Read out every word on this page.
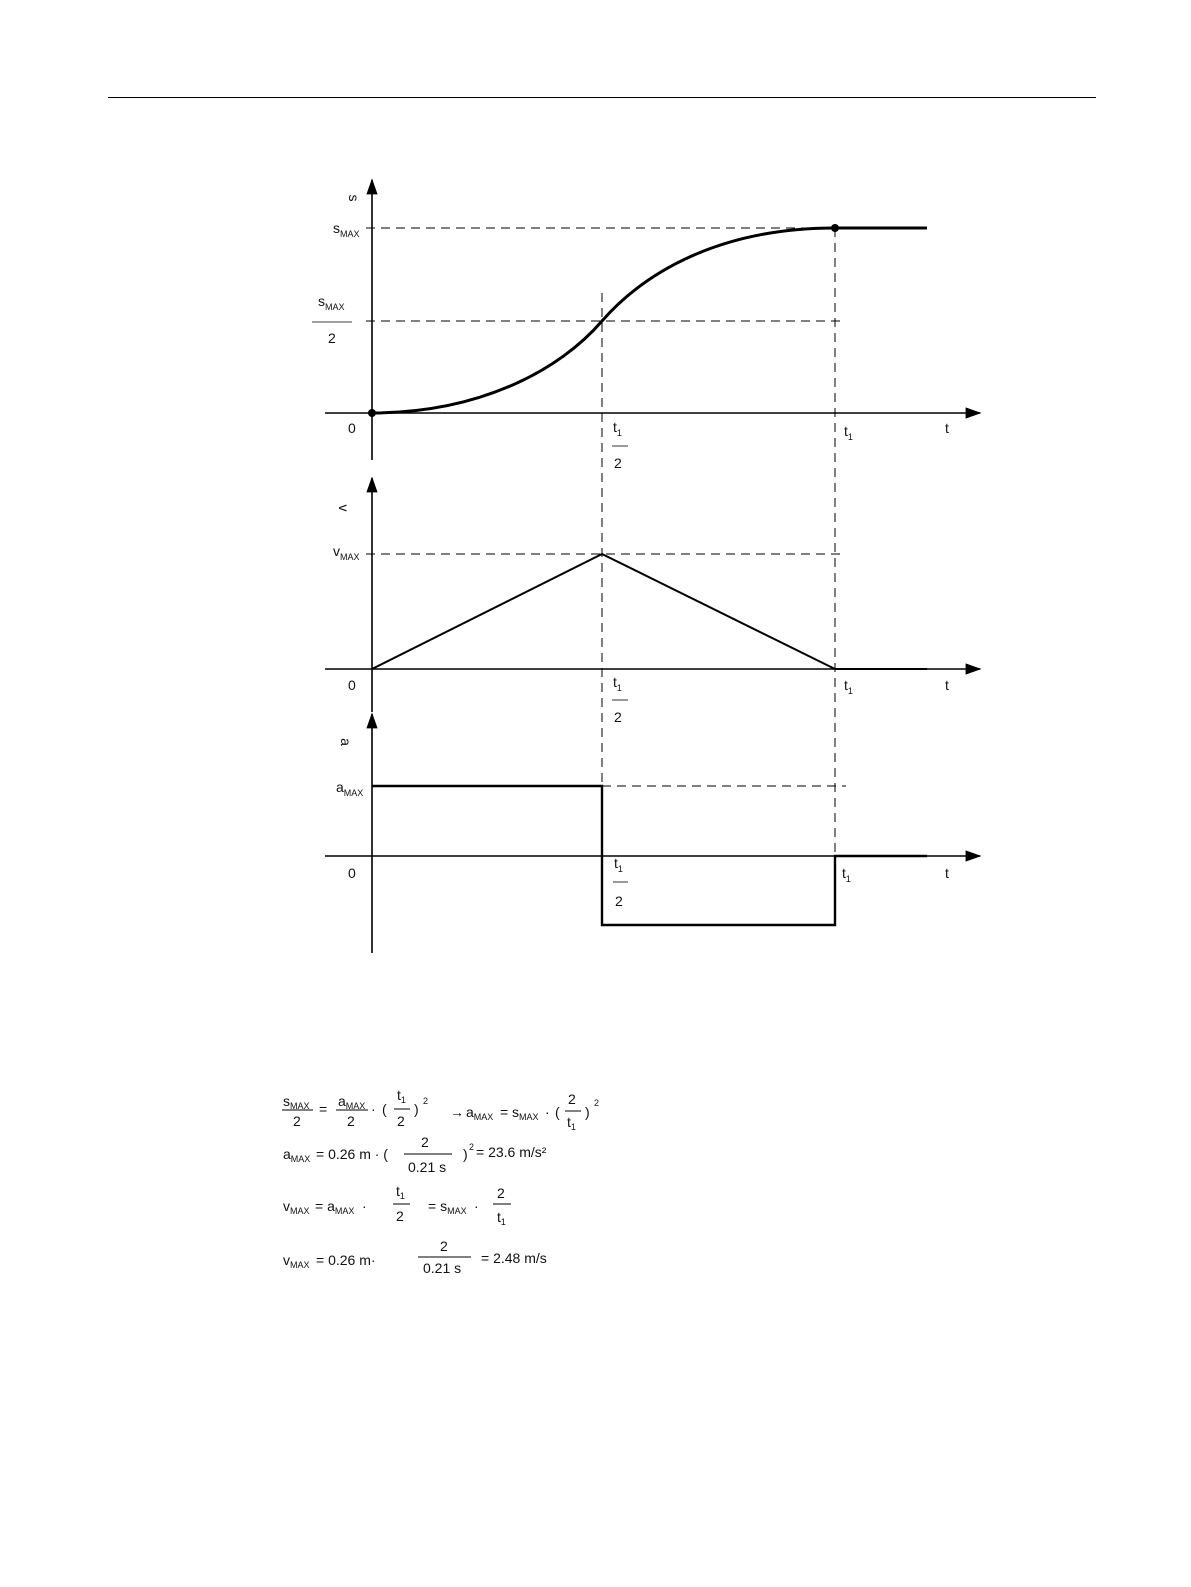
s
0	t
$s_{MAX}$
$s_{MAX}$
2
$t_1$
2
$t_1$
v
0	t
$v_{MAX}$
$t_1$
2
$t_1$
a
0	t
$a_{MAX}$
$t_1$
2
$t_1$
sMAX
2
= aMAX
2
· (
t1
2
) 2
→ aMAX = sMAX · (
2
t1
)
2
aMAX = 0.26 m · (
2
0.21 s
) 2 = 23.6 m/s²
vMAX = aMAX ·
t1
2
= sMAX ·
2
t1
vMAX = 0.26 m·
2
0.21 s
= 2.48 m/s
